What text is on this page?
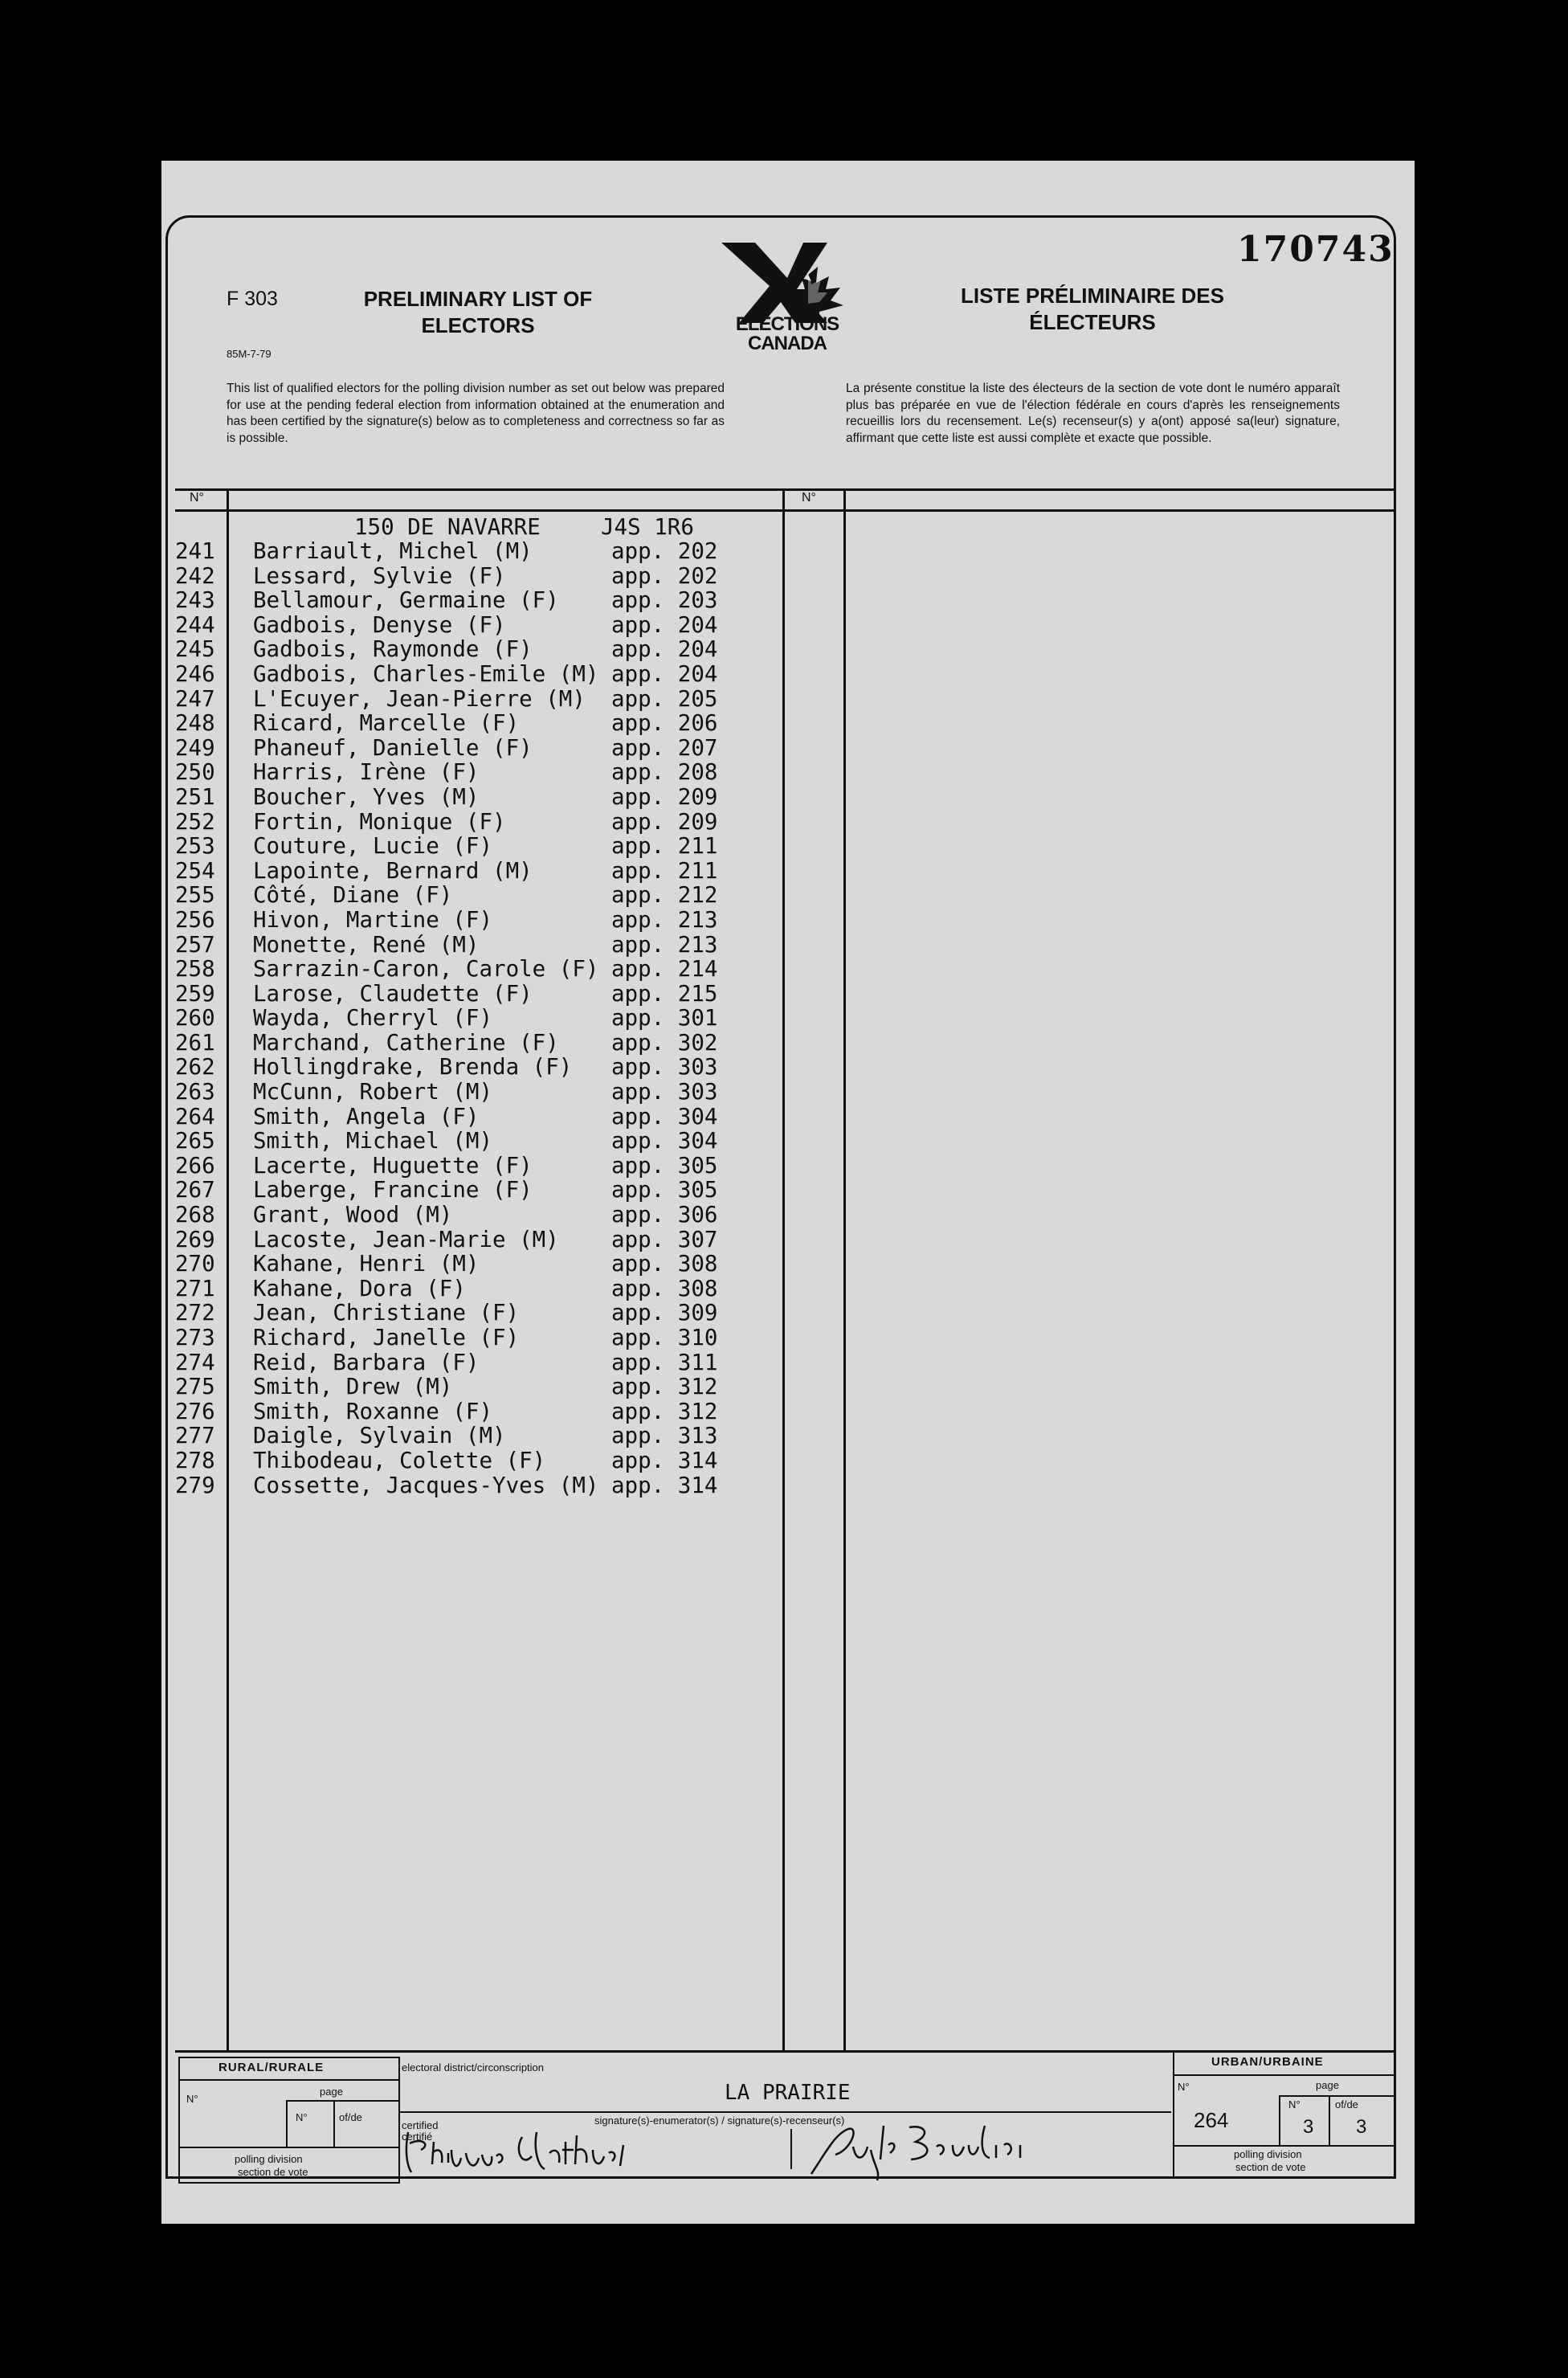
170743
F 303
85M-7-79
PRELIMINARY LIST OF
ELECTORS
LISTE PRÉLIMINAIRE DES
ÉLECTEURS
ELECTIONS
CANADA
This list of qualified electors for the polling division number as set out below was prepared for use at the pending federal election from information obtained at the enumeration and has been certified by the signature(s) below as to completeness and correctness so far as is possible.
La présente constitue la liste des électeurs de la section de vote dont le numéro apparaît plus bas préparée en vue de l'élection fédérale en cours d'après les renseignements recueillis lors du recensement. Le(s) recenseur(s) y a(ont) apposé sa(leur) signature, affirmant que cette liste est aussi complète et exacte que possible.
N°	N°
150 DE NAVARRE	J4S 1R6
241	Barriault, Michel (M)	app. 202
242	Lessard, Sylvie (F)	app. 202
243	Bellamour, Germaine (F) app. 203
244	Gadbois, Denyse (F)	app. 204
245	Gadbois, Raymonde (F)	app. 204
246	Gadbois, Charles-Emile (M) app. 204
247	L'Ecuyer, Jean-Pierre (M) app. 205
248	Ricard, Marcelle (F)	app. 206
249	Phaneuf, Danielle (F)	app. 207
250	Harris, Irène (F)	app. 208
251	Boucher, Yves (M)	app. 209
252	Fortin, Monique (F)	app. 209
253	Couture, Lucie (F)	app. 211
254	Lapointe, Bernard (M)	app. 211
255	Côté, Diane (F)	app. 212
256	Hivon, Martine (F)	app. 213
257	Monette, René (M)	app. 213
258	Sarrazin-Caron, Carole (F) app. 214
259	Larose, Claudette (F)	app. 215
260	Wayda, Cherryl (F)	app. 301
261	Marchand, Catherine (F) app. 302
262	Hollingdrake, Brenda (F) app. 303
263	McCunn, Robert (M)	app. 303
264	Smith, Angela (F)	app. 304
265	Smith, Michael (M)	app. 304
266	Lacerte, Huguette (F)	app. 305
267	Laberge, Francine (F)	app. 305
268	Grant, Wood (M)	app. 306
269	Lacoste, Jean-Marie (M) app. 307
270	Kahane, Henri (M)	app. 308
271	Kahane, Dora (F)	app. 308
272	Jean, Christiane (F)	app. 309
273	Richard, Janelle (F)	app. 310
274	Reid, Barbara (F)	app. 311
275	Smith, Drew (M)	app. 312
276	Smith, Roxanne (F)	app. 312
277	Daigle, Sylvain (M)	app. 313
278	Thibodeau, Colette (F)	app. 314
279	Cossette, Jacques-Yves (M) app. 314
RURAL/RURALE
N°
page
N°	of/de
polling division
section de vote
electoral district/circonscription
LA PRAIRIE
certified
certifié
signature(s)-enumerator(s) / signature(s)-recenseur(s)
URBAN/URBAINE
N°	page
264
N°
3
of/de
3
polling division
section de vote
